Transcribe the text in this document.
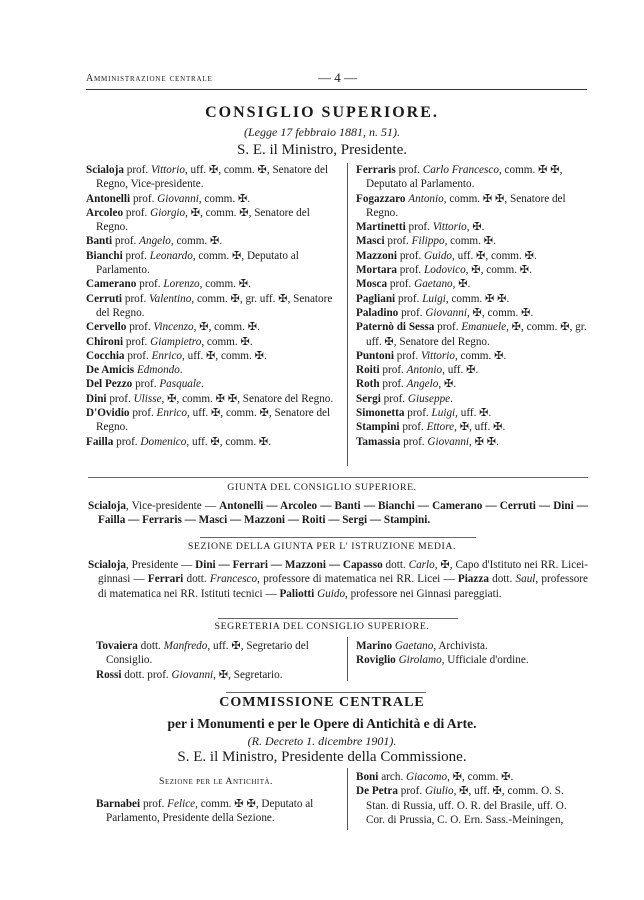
Amministrazione centrale	— 4 —
CONSIGLIO SUPERIORE.
(Legge 17 febbraio 1881, n. 51).
S. E. il Ministro, Presidente.

Scialoja prof. Vittorio, uff. ✠, comm. ✠, Senatore del Regno, Vice-presidente.

Antonelli prof. Giovanni, comm. ✠.

Arcoleo prof. Giorgio, ✠, comm. ✠, Senatore del Regno.

Banti prof. Angelo, comm. ✠.

Bianchi prof. Leonardo, comm. ✠, Deputato al Parlamento.

Camerano prof. Lorenzo, comm. ✠.

Cerruti prof. Valentino, comm. ✠, gr. uff. ✠, Senatore del Regno.

Cervello prof. Vincenzo, ✠, comm. ✠.

Chironi prof. Giampietro, comm. ✠.

Cocchia prof. Enrico, uff. ✠, comm. ✠.

De Amicis Edmondo.

Del Pezzo prof. Pasquale.

Dini prof. Ulisse, ✠, comm. ✠ ✠, Senatore del Regno.

D'Ovidio prof. Enrico, uff. ✠, comm. ✠, Senatore del Regno.

Failla prof. Domenico, uff. ✠, comm. ✠.

Ferraris prof. Carlo Francesco, comm. ✠ ✠, Deputato al Parlamento.

Fogazzaro Antonio, comm. ✠ ✠, Senatore del Regno.

Martinetti prof. Vittorio, ✠.

Masci prof. Filippo, comm. ✠.

Mazzoni prof. Guido, uff. ✠, comm. ✠.

Mortara prof. Lodovico, ✠, comm. ✠.

Mosca prof. Gaetano, ✠.

Pagliani prof. Luigi, comm. ✠ ✠.

Paladino prof. Giovanni, ✠, comm. ✠.

Paternò di Sessa prof. Emanuele, ✠, comm. ✠, gr. uff. ✠, Senatore del Regno.

Puntoni prof. Vittorio, comm. ✠.

Roiti prof. Antonio, uff. ✠.

Roth prof. Angelo, ✠.

Sergi prof. Giuseppe.

Simonetta prof. Luigi, uff. ✠.

Stampini prof. Ettore, ✠, uff. ✠.

Tamassia prof. Giovanni, ✠ ✠.

GIUNTA DEL CONSIGLIO SUPERIORE.

Scialoja, Vice-presidente — Antonelli — Arcoleo — Banti — Bianchi — Camerano — Cerruti — Dini — Failla — Ferraris — Masci — Mazzoni — Roiti — Sergi — Stampini.

SEZIONE DELLA GIUNTA PER L' ISTRUZIONE MEDIA.

Scialoja, Presidente — Dini — Ferrari — Mazzoni — Capasso dott. Carlo, ✠, Capo d'Istituto nei RR. Licei-ginnasi — Ferrari dott. Francesco, professore di matematica nei RR. Licei — Piazza dott. Saul, professore di matematica nei RR. Istituti tecnici — Paliotti Guido, professore nei Ginnasi pareggiati.

SEGRETERIA DEL CONSIGLIO SUPERIORE.

Tovaiera dott. Manfredo, uff. ✠, Segretario del Consiglio.

Rossi dott. prof. Giovanni, ✠, Segretario.

Marino Gaetano, Archivista.

Roviglio Girolamo, Ufficiale d'ordine.

COMMISSIONE CENTRALE
per i Monumenti e per le Opere di Antichità e di Arte.
(R. Decreto 1. dicembre 1901).
S. E. il Ministro, Presidente della Commissione.
Sezione per le Antichità.

Barnabei prof. Felice, comm. ✠ ✠, Deputato al Parlamento, Presidente della Sezione.

Boni arch. Giacomo, ✠, comm. ✠.

De Petra prof. Giulio, ✠, uff. ✠, comm. O. S. Stan. di Russia, uff. O. R. del Brasile, uff. O. Cor. di Prussia, C. O. Ern. Sass.-Meiningen,
